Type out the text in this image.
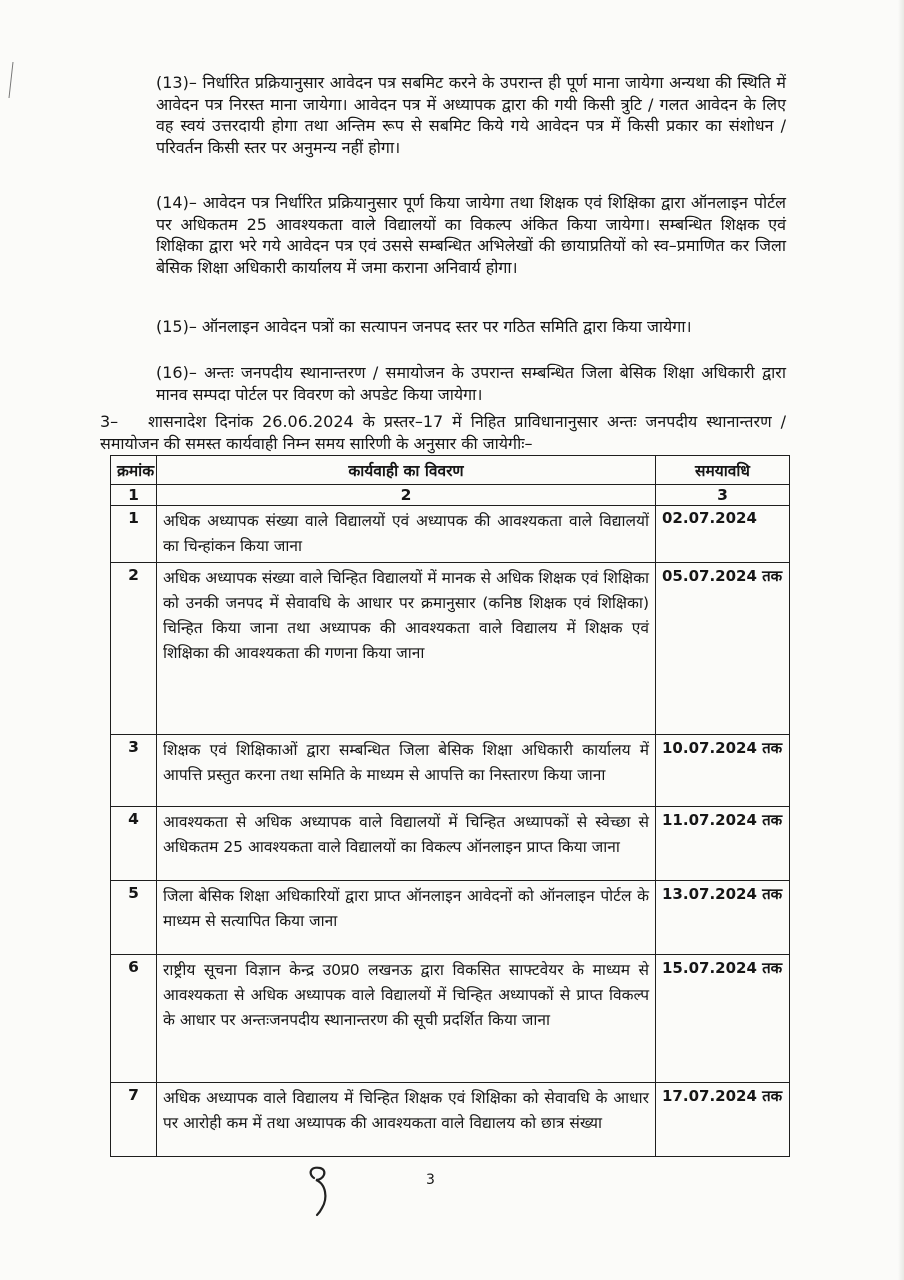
(13)– निर्धारित प्रक्रियानुसार आवेदन पत्र सबमिट करने के उपरान्त ही पूर्ण माना जायेगा अन्यथा की स्थिति में आवेदन पत्र निरस्त माना जायेगा। आवेदन पत्र में अध्यापक द्वारा की गयी किसी त्रुटि / गलत आवेदन के लिए वह स्वयं उत्तरदायी होगा तथा अन्तिम रूप से सबमिट किये गये आवेदन पत्र में किसी प्रकार का संशोधन / परिवर्तन किसी स्तर पर अनुमन्य नहीं होगा।
(14)– आवेदन पत्र निर्धारित प्रक्रियानुसार पूर्ण किया जायेगा तथा शिक्षक एवं शिक्षिका द्वारा ऑनलाइन पोर्टल पर अधिकतम 25 आवश्यकता वाले विद्यालयों का विकल्प अंकित किया जायेगा। सम्बन्धित शिक्षक एवं शिक्षिका द्वारा भरे गये आवेदन पत्र एवं उससे सम्बन्धित अभिलेखों की छायाप्रतियों को स्व–प्रमाणित कर जिला बेसिक शिक्षा अधिकारी कार्यालय में जमा कराना अनिवार्य होगा।
(15)– ऑनलाइन आवेदन पत्रों का सत्यापन जनपद स्तर पर गठित समिति द्वारा किया जायेगा।
(16)– अन्तः जनपदीय स्थानान्तरण / समायोजन के उपरान्त सम्बन्धित जिला बेसिक शिक्षा अधिकारी द्वारा मानव सम्पदा पोर्टल पर विवरण को अपडेट किया जायेगा।
3– शासनादेश दिनांक 26.06.2024 के प्रस्तर–17 में निहित प्राविधानानुसार अन्तः जनपदीय स्थानान्तरण / समायोजन की समस्त कार्यवाही निम्न समय सारिणी के अनुसार की जायेगीः–
क्रमांक	कार्यवाही का विवरण	समयावधि
1	2	3
1	अधिक अध्यापक संख्या वाले विद्यालयों एवं अध्यापक की आवश्यकता वाले विद्यालयों का चिन्हांकन किया जाना	02.07.2024
2	अधिक अध्यापक संख्या वाले चिन्हित विद्यालयों में मानक से अधिक शिक्षक एवं शिक्षिका को उनकी जनपद में सेवावधि के आधार पर क्रमानुसार (कनिष्ठ शिक्षक एवं शिक्षिका) चिन्हित किया जाना तथा अध्यापक की आवश्यकता वाले विद्यालय में शिक्षक एवं शिक्षिका की आवश्यकता की गणना किया जाना	05.07.2024 तक
3	शिक्षक एवं शिक्षिकाओं द्वारा सम्बन्धित जिला बेसिक शिक्षा अधिकारी कार्यालय में आपत्ति प्रस्तुत करना तथा समिति के माध्यम से आपत्ति का निस्तारण किया जाना	10.07.2024 तक
4	आवश्यकता से अधिक अध्यापक वाले विद्यालयों में चिन्हित अध्यापकों से स्वेच्छा से अधिकतम 25 आवश्यकता वाले विद्यालयों का विकल्प ऑनलाइन प्राप्त किया जाना	11.07.2024 तक
5	जिला बेसिक शिक्षा अधिकारियों द्वारा प्राप्त ऑनलाइन आवेदनों को ऑनलाइन पोर्टल के माध्यम से सत्यापित किया जाना	13.07.2024 तक
6	राष्ट्रीय सूचना विज्ञान केन्द्र उ0प्र0 लखनऊ द्वारा विकसित साफ्टवेयर के माध्यम से आवश्यकता से अधिक अध्यापक वाले विद्यालयों में चिन्हित अध्यापकों से प्राप्त विकल्प के आधार पर अन्तःजनपदीय स्थानान्तरण की सूची प्रदर्शित किया जाना	15.07.2024 तक
7	अधिक अध्यापक वाले विद्यालय में चिन्हित शिक्षक एवं शिक्षिका को सेवावधि के आधार पर आरोही कम में तथा अध्यापक की आवश्यकता वाले विद्यालय को छात्र संख्या	17.07.2024 तक
3
